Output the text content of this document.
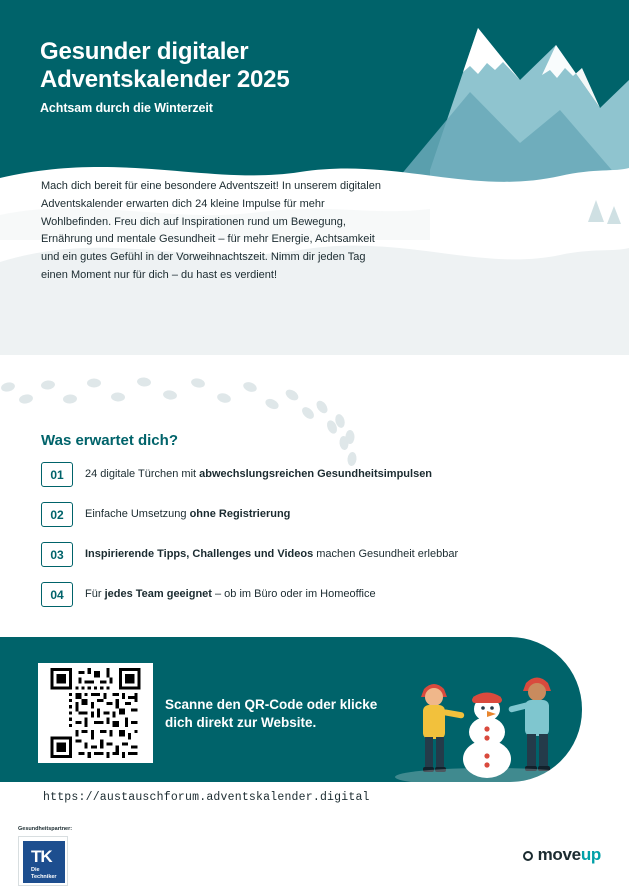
Gesunder digitaler
Adventskalender 2025
Achtsam durch die Winterzeit
Mach dich bereit für eine besondere Adventszeit! In unserem digitalen Adventskalender erwarten dich 24 kleine Impulse für mehr Wohlbefinden. Freu dich auf Inspirationen rund um Bewegung, Ernährung und mentale Gesundheit – für mehr Energie, Achtsamkeit und ein gutes Gefühl in der Vorweihnachtszeit. Nimm dir jeden Tag einen Moment nur für dich – du hast es verdient!
Was erwartet dich?
01	24 digitale Türchen mit abwechslungsreichen Gesundheitsimpulsen
02	Einfache Umsetzung ohne Registrierung
03	Inspirierende Tipps, Challenges und Videos machen Gesundheit erlebbar
04	Für jedes Team geeignet – ob im Büro oder im Homeoffice
Scanne den QR-Code oder klicke
dich direkt zur Website.
https://austauschforum.adventskalender.digital
Gesundheitspartner:
TK
Die
Techniker
moveup
